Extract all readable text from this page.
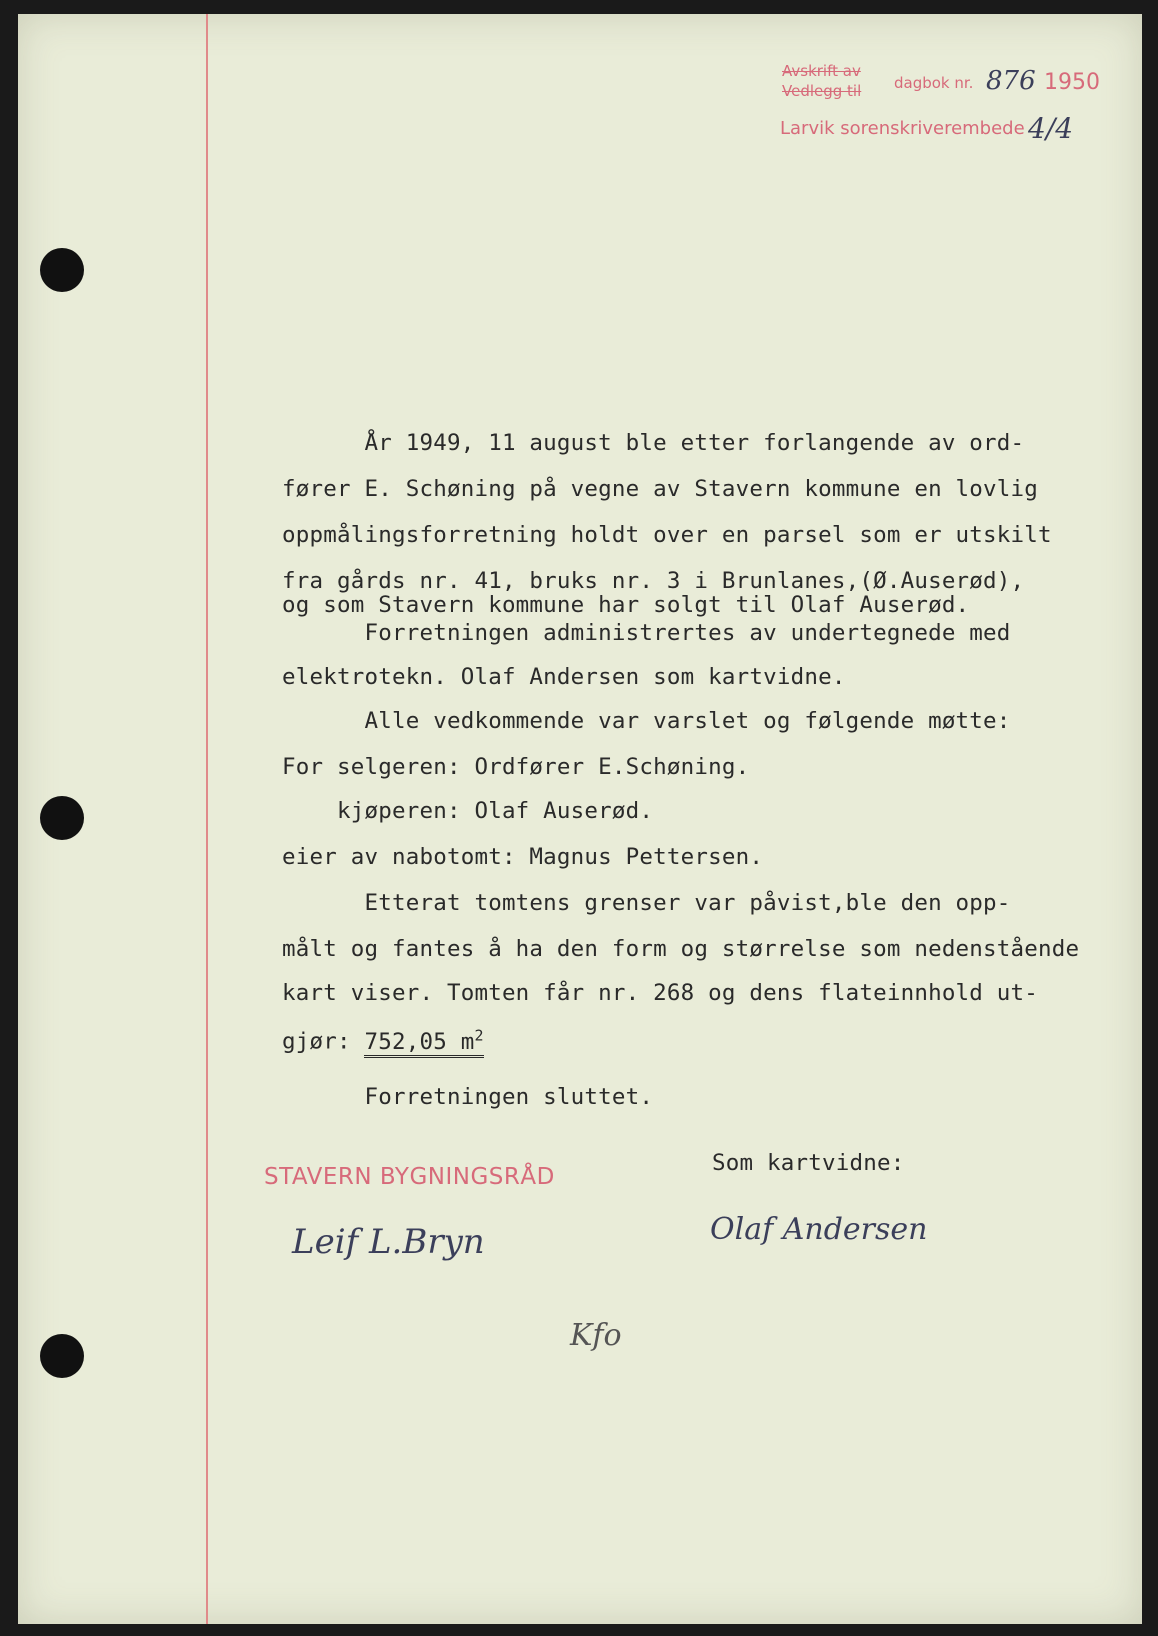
Avskrift av
Vedlegg til dagbok nr. 876 1950
Larvik sorenskriverembede 4/4
År 1949, 11 august ble etter forlangende av ord-
fører E. Schøning på vegne av Stavern kommune en lovlig
oppmålingsforretning holdt over en parsel som er utskilt
fra gårds nr. 41, bruks nr. 3 i Brunlanes,(Ø.Auserød),
og som Stavern kommune har solgt til Olaf Auserød.
Forretningen administrertes av undertegnede med
elektrotekn. Olaf Andersen som kartvidne.
Alle vedkommende var varslet og følgende møtte:
For selgeren: Ordfører E.Schøning.
kjøperen: Olaf Auserød.
eier av nabotomt: Magnus Pettersen.
Etterat tomtens grenser var påvist,ble den opp-
målt og fantes å ha den form og størrelse som nedenstående
kart viser. Tomten får nr. 268 og dens flateinnhold ut-
gjør: 752,05 $m^2$
Forretningen sluttet.
Som kartvidne:
STAVERN BYGNINGSRÅD
Leif L.Bryn	Olaf Andersen
Kfo
